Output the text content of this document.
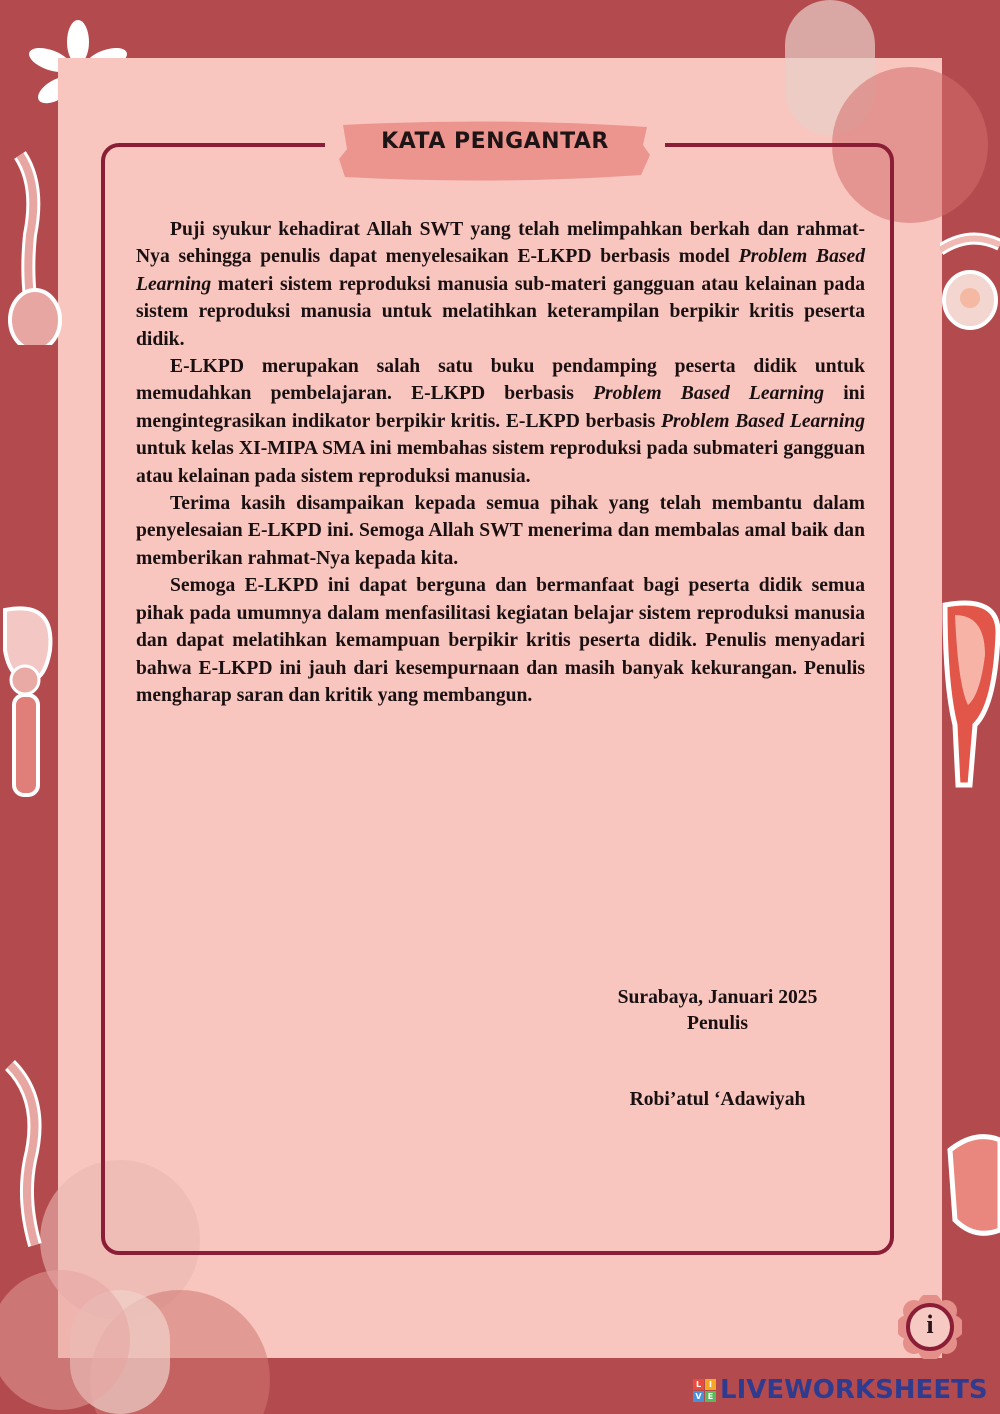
KATA PENGANTAR

Puji syukur kehadirat Allah SWT yang telah melimpahkan berkah dan rahmat-Nya sehingga penulis dapat menyelesaikan E-LKPD berbasis model Problem Based Learning materi sistem reproduksi manusia sub-materi gangguan atau kelainan pada sistem reproduksi manusia untuk melatihkan keterampilan berpikir kritis peserta didik.

E-LKPD merupakan salah satu buku pendamping peserta didik untuk memudahkan pembelajaran. E-LKPD berbasis Problem Based Learning ini mengintegrasikan indikator berpikir kritis. E-LKPD berbasis Problem Based Learning untuk kelas XI-MIPA SMA ini membahas sistem reproduksi pada submateri gangguan atau kelainan pada sistem reproduksi manusia.

Terima kasih disampaikan kepada semua pihak yang telah membantu dalam penyelesaian E-LKPD ini. Semoga Allah SWT menerima dan membalas amal baik dan memberikan rahmat-Nya kepada kita.

Semoga E-LKPD ini dapat berguna dan bermanfaat bagi peserta didik semua pihak pada umumnya dalam menfasilitasi kegiatan belajar sistem reproduksi manusia dan dapat melatihkan kemampuan berpikir kritis peserta didik. Penulis menyadari bahwa E-LKPD ini jauh dari kesempurnaan dan masih banyak kekurangan. Penulis mengharap saran dan kritik yang membangun.

Surabaya, Januari 2025
Penulis
Robi’atul ‘Adawiyah
i
L I
V E LIVEWORKSHEETS
